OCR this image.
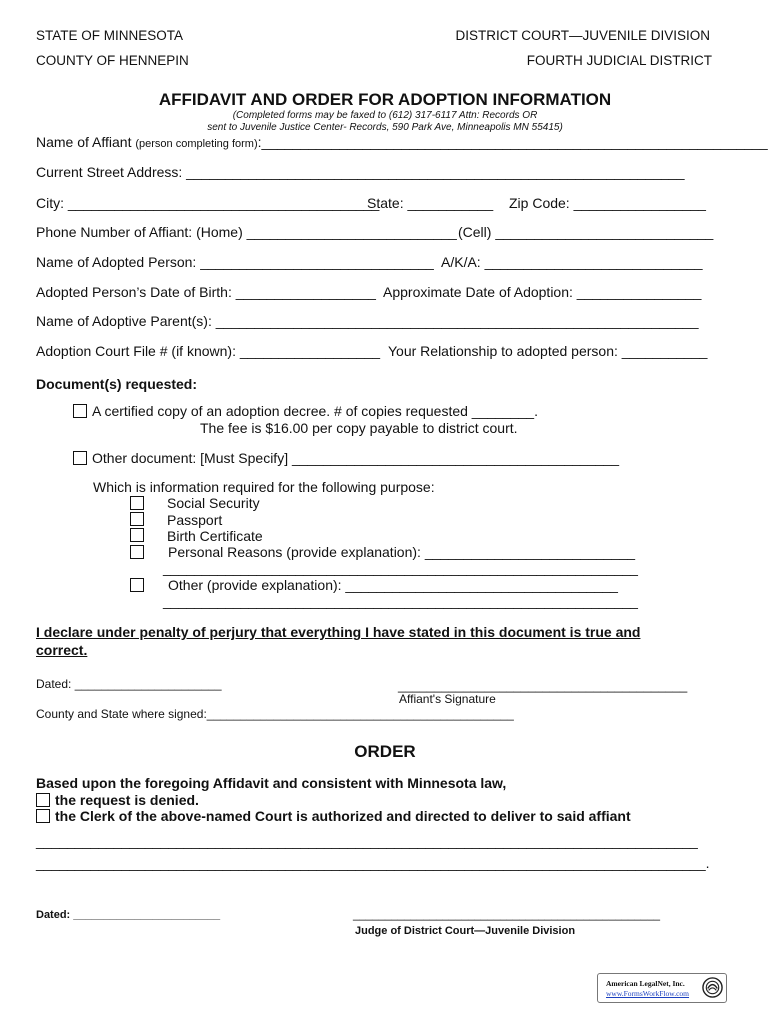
STATE OF MINNESOTA
COUNTY OF HENNEPIN
DISTRICT COURT—JUVENILE DIVISION
FOURTH JUDICIAL DISTRICT
AFFIDAVIT AND ORDER FOR ADOPTION INFORMATION
(Completed forms may be faxed to (612) 317-6117 Attn: Records OR
sent to Juvenile Justice Center- Records, 590 Park Ave, Minneapolis MN 55415)
Name of Affiant (person completing form):_________________________________________________________________
Current Street Address: ________________________________________________________________
City: ________________________________________
State: ___________ Zip Code: _________________
Phone Number of Affiant: (Home) ___________________________ (Cell) ____________________________
Name of Adopted Person: ______________________________ A/K/A: ____________________________
Adopted Person’s Date of Birth: __________________ Approximate Date of Adoption: ________________
Name of Adoptive Parent(s): ______________________________________________________________
Adoption Court File # (if known): __________________ Your Relationship to adopted person: ___________
Document(s) requested:
A certified copy of an adoption decree. # of copies requested ________.
The fee is $16.00 per copy payable to district court.
Other document: [Must Specify] __________________________________________
Which is information required for the following purpose:
Social Security
Passport
Birth Certificate
Personal Reasons (provide explanation): ___________________________
_____________________________________________________________
Other (provide explanation): ___________________________________
_____________________________________________________________
I declare under penalty of perjury that everything I have stated in this document is true and
correct.
Dated: ______________________	________________________________________
Affiant's Signature
County and State where signed:______________________________________________
ORDER
Based upon the foregoing Affidavit and consistent with Minnesota law,
the request is denied.
the Clerk of the above-named Court is authorized and directed to deliver to said affiant
_____________________________________________________________________________________
______________________________________________________________________________________.
Dated: ________________________	________________________________________________
Judge of District Court—Juvenile Division
American LegalNet, Inc.
www.FormsWorkFlow.com
